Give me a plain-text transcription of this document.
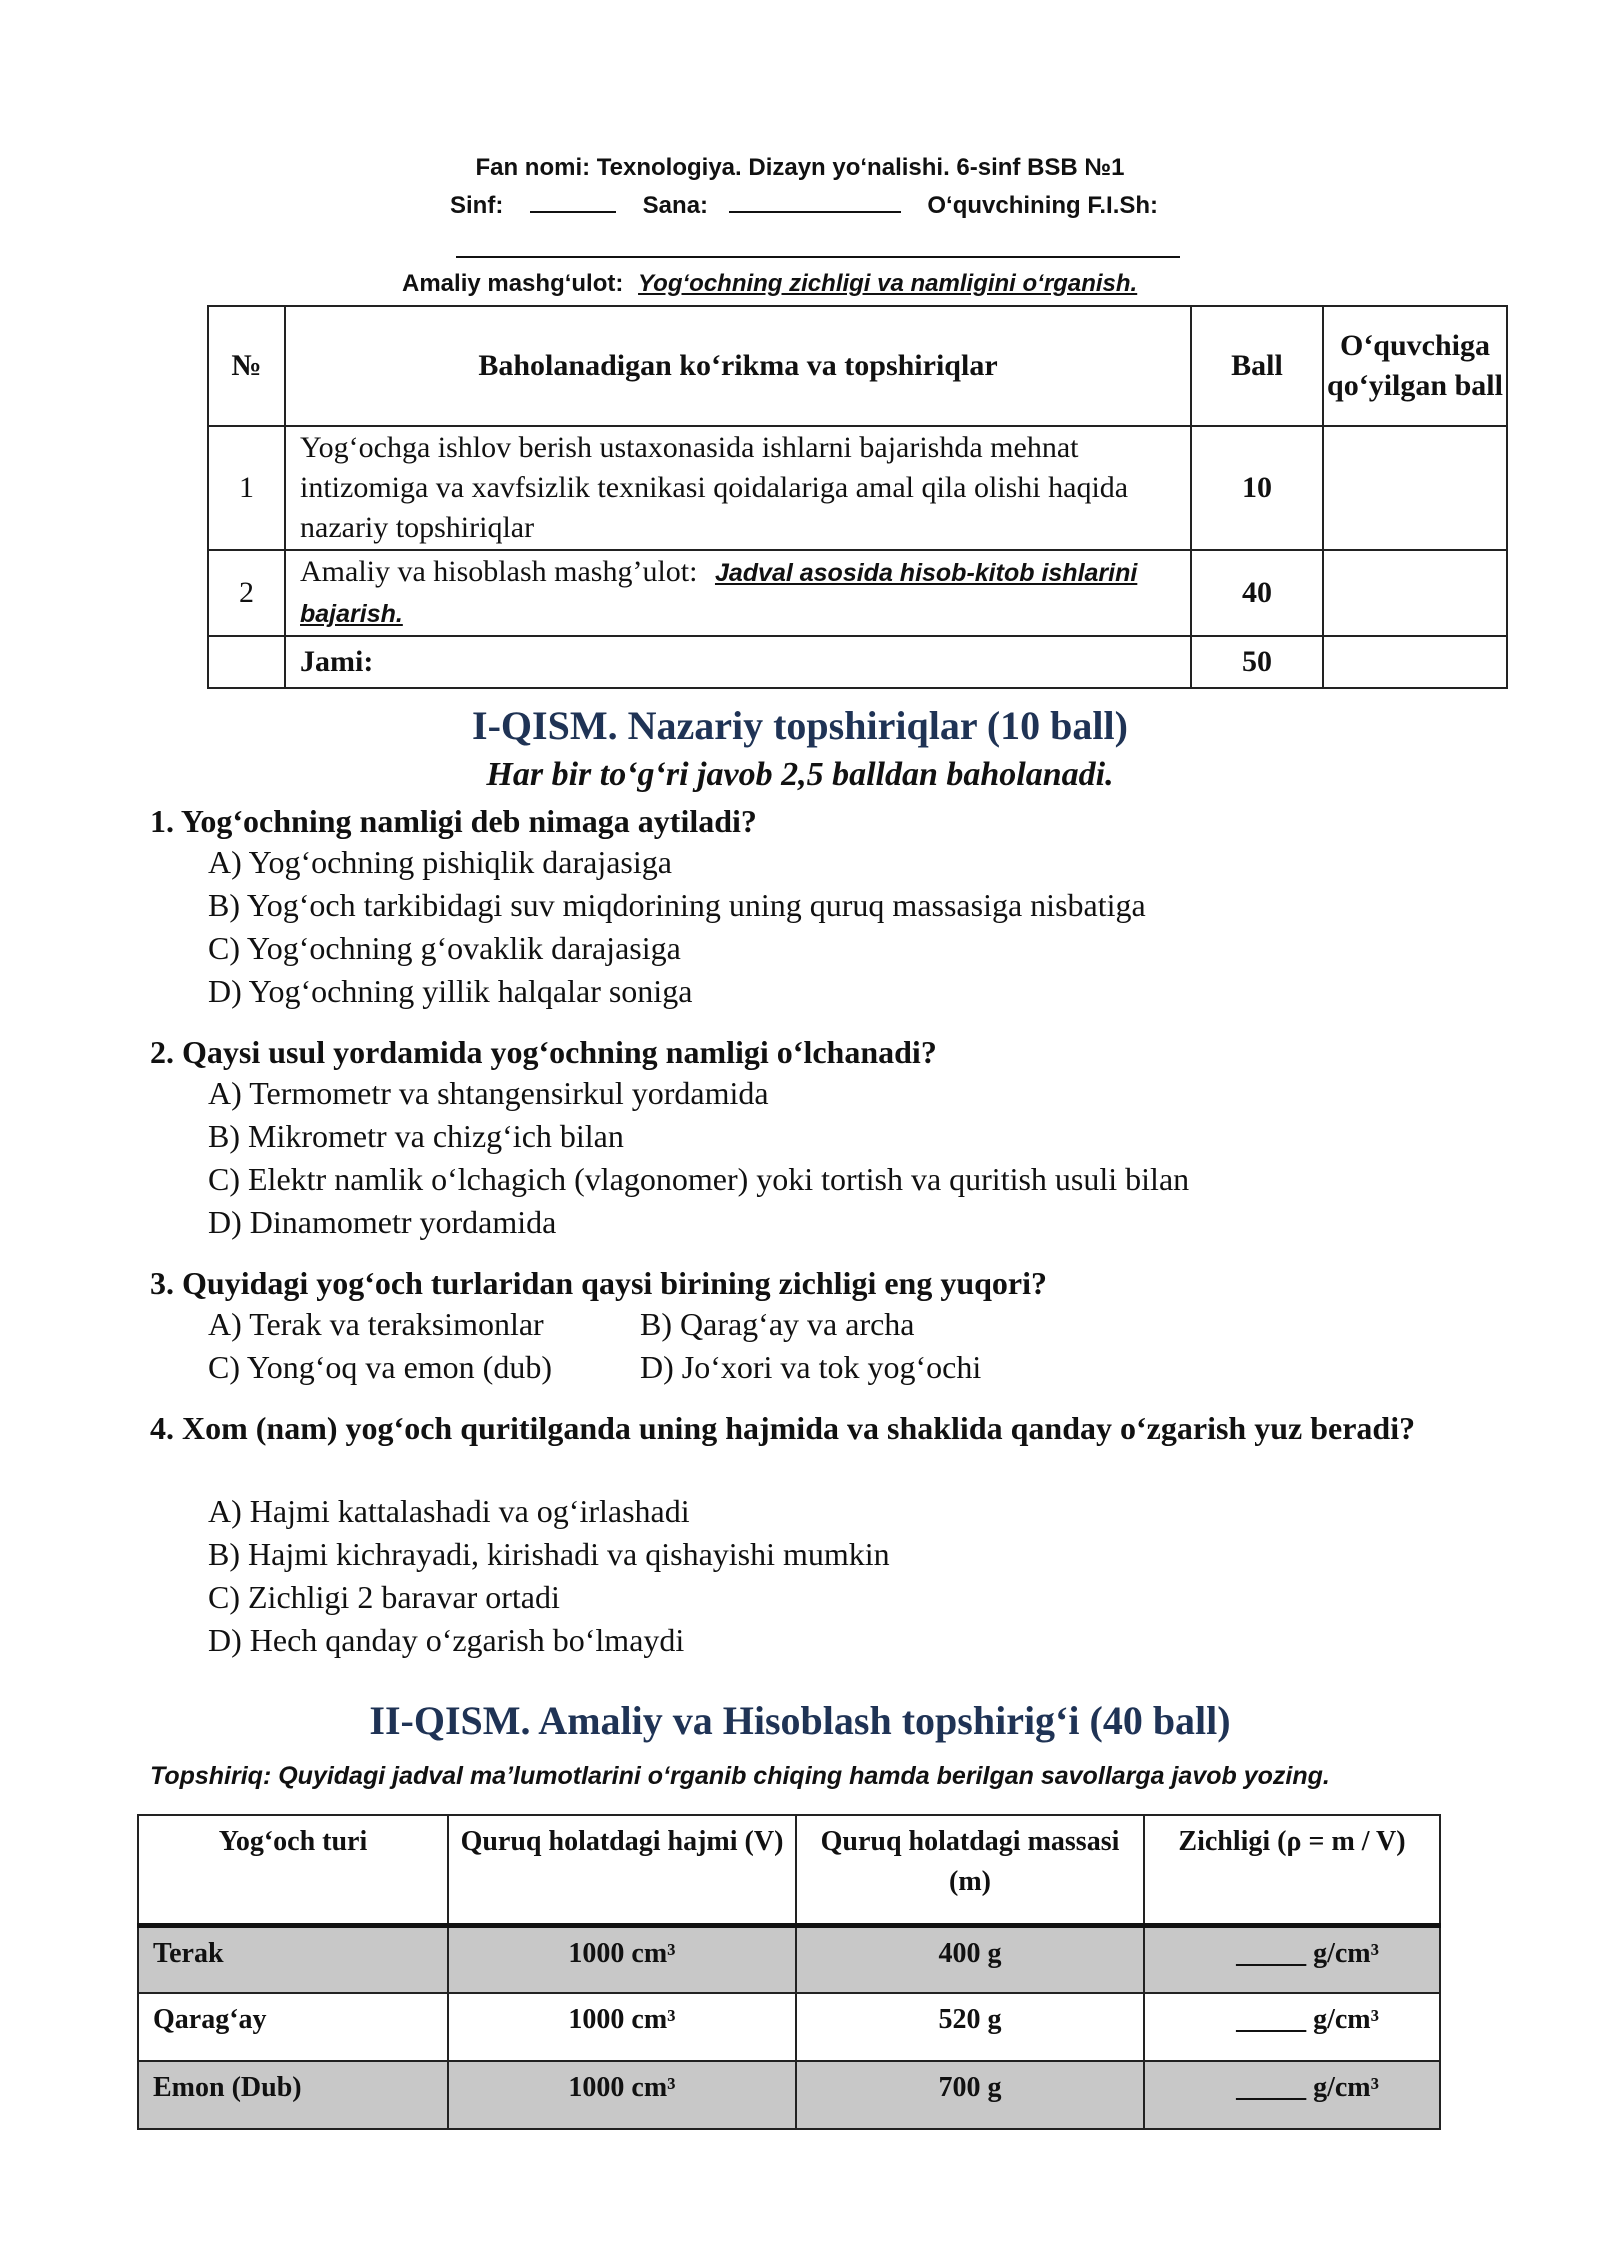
Fan nomi: Texnologiya. Dizayn yo‘nalishi. 6-sinf BSB №1
Sinf:	Sana:	O‘quvchining F.I.Sh:
Amaliy mashg‘ulot: Yog‘ochning zichligi va namligini o‘rganish.
№	Baholanadigan ko‘rikma va topshiriqlar	Ball	O‘quvchiga qo‘yilgan ball
1	Yog‘ochga ishlov berish ustaxonasida ishlarni bajarishda mehnat intizomiga va xavfsizlik texnikasi qoidalariga amal qila olishi haqida nazariy topshiriqlar	10	
2	Amaliy va hisoblash mashg’ulot: Jadval asosida hisob-kitob ishlarini bajarish.	40	
	Jami:	50	
I-QISM. Nazariy topshiriqlar (10 ball)
Har bir to‘g‘ri javob 2,5 balldan baholanadi.
1. Yog‘ochning namligi deb nimaga aytiladi?
A) Yog‘ochning pishiqlik darajasiga
B) Yog‘och tarkibidagi suv miqdorining uning quruq massasiga nisbatiga
C) Yog‘ochning g‘ovaklik darajasiga
D) Yog‘ochning yillik halqalar soniga
2. Qaysi usul yordamida yog‘ochning namligi o‘lchanadi?
A) Termometr va shtangensirkul yordamida
B) Mikrometr va chizg‘ich bilan
C) Elektr namlik o‘lchagich (vlagonomer) yoki tortish va quritish usuli bilan
D) Dinamometr yordamida
3. Quyidagi yog‘och turlaridan qaysi birining zichligi eng yuqori?
A) Terak va teraksimonlar	B) Qarag‘ay va archa
C) Yong‘oq va emon (dub)	D) Jo‘xori va tok yog‘ochi
4. Xom (nam) yog‘och quritilganda uning hajmida va shaklida qanday o‘zgarish yuz beradi?
A) Hajmi kattalashadi va og‘irlashadi
B) Hajmi kichrayadi, kirishadi va qishayishi mumkin
C) Zichligi 2 baravar ortadi
D) Hech qanday o‘zgarish bo‘lmaydi
II-QISM. Amaliy va Hisoblash topshirig‘i (40 ball)
Topshiriq: Quyidagi jadval ma’lumotlarini o‘rganib chiqing hamda berilgan savollarga javob yozing.
Yog‘och turi	Quruq holatdagi hajmi (V)	Quruq holatdagi massasi (m)	Zichligi (ρ = m / V)
Terak	1000 cm³	400 g	_____ g/cm³
Qarag‘ay	1000 cm³	520 g	_____ g/cm³
Emon (Dub)	1000 cm³	700 g	_____ g/cm³
